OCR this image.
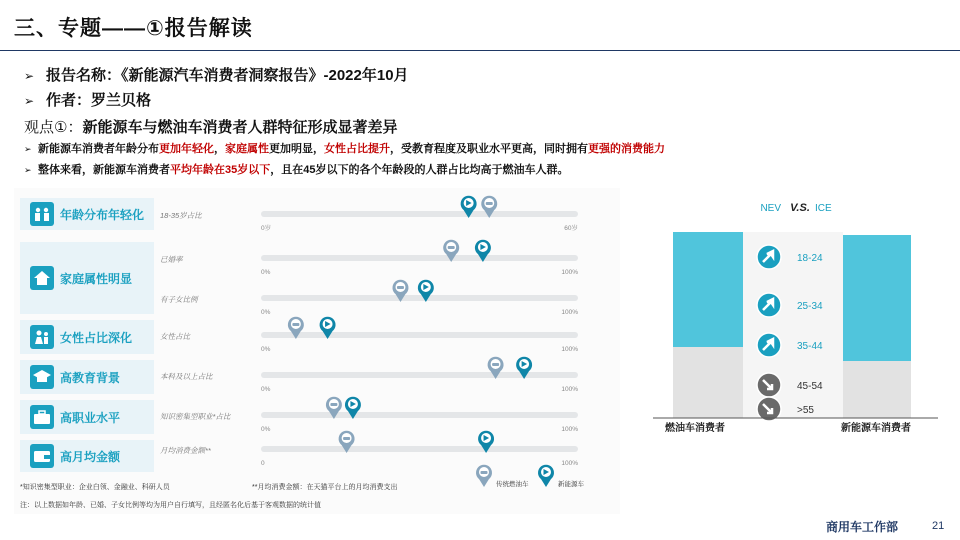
三、专题——①报告解读
➢ 报告名称：《新能源汽车消费者洞察报告》-2022年10月
➢ 作者：罗兰贝格
观点①：新能源车与燃油车消费者人群特征形成显著差异
➢ 新能源车消费者年龄分布更加年轻化，家庭属性更加明显，女性占比提升，受教育程度及职业水平更高，同时拥有更强的消费能力
➢ 整体来看，新能源车消费者平均年龄在35岁以下，且在45岁以下的各个年龄段的人群占比均高于燃油车人群。
年龄分布年轻化 18-35岁占比
0岁	60岁
家庭属性明显
已婚率
0%	100%
有子女比例
0%	100%
女性占比深化	女性占比
0%	100%
高教育背景	本科及以上占比
0%	100%
高职业水平	知识密集型职业*占比
0%	100%
高月均金额	月均消费金额**
0	100%
传统燃油车	新能源车
*知识密集型职业：企业白领、金融业、科研人员	**月均消费金额：在天猫平台上的月均消费支出
注：以上数据如年龄、已婚、子女比例等均为用户自行填写，且经匿名化后基于客观数据的统计值
NEV V.S. ICE
18-24
25-34
35-44
45-54
>55
燃油车消费者	新能源车消费者
商用车工作部	21
